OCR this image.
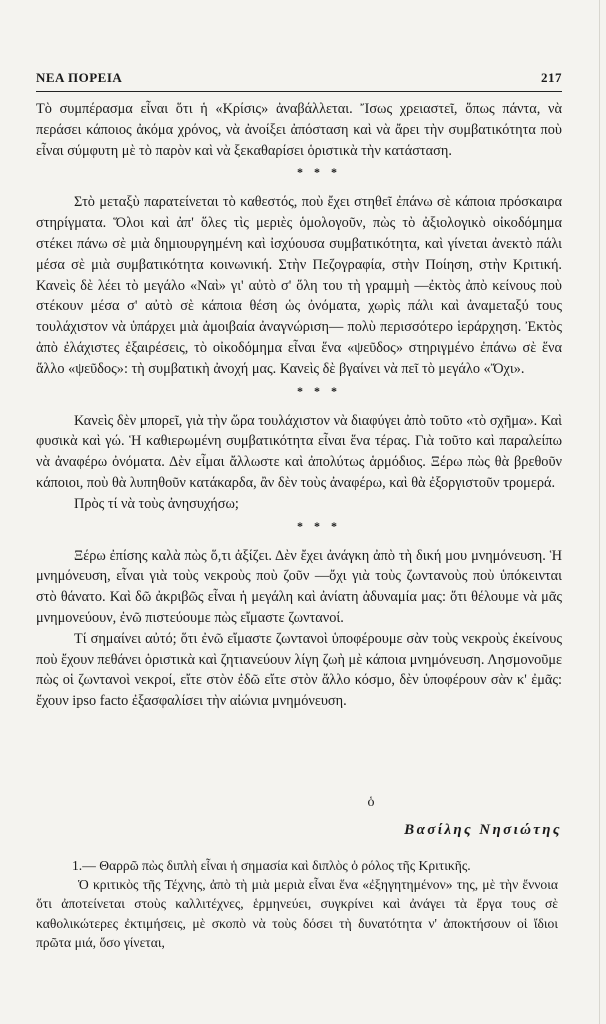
ΝΕΑ ΠΟΡΕΙΑ	217

Τὸ συμπέρασμα εἶναι ὅτι ἡ «Κρίσις» ἀναβάλλεται. Ἴσως χρειαστεῖ, ὅπως πάντα, νὰ περάσει κάποιος ἀκόμα χρόνος, νὰ ἀνοίξει ἀπόσταση καὶ νὰ ἄρει τὴν συμβατικότητα ποὺ εἶναι σύμφυτη μὲ τὸ παρὸν καὶ νὰ ξεκαθαρίσει ὁριστικὰ τὴν κατάσταση.

* * *

Στὸ μεταξὺ παρατείνεται τὸ καθεστός, ποὺ ἔχει στηθεῖ ἐπάνω σὲ κάποια πρόσκαιρα στηρίγματα. Ὅλοι καὶ ἀπ' ὅλες τὶς μεριὲς ὁμολογοῦν, πὼς τὸ ἀξιολογικὸ οἰκοδόμημα στέκει πάνω σὲ μιὰ δημιουργημένη καὶ ἰσχύουσα συμβατικότητα, καὶ γίνεται ἀνεκτὸ πάλι μέσα σὲ μιὰ συμβατικότητα κοινωνική. Στὴν Πεζογραφία, στὴν Ποίηση, στὴν Κριτική. Κανεὶς δὲ λέει τὸ μεγάλο «Ναὶ» γι' αὐτὸ σ' ὅλη του τὴ γραμμὴ —ἐκτὸς ἀπὸ κείνους ποὺ στέκουν μέσα σ' αὐτὸ σὲ κάποια θέση ὡς ὀνόματα, χωρὶς πάλι καὶ ἀναμεταξύ τους τουλάχιστον νὰ ὑπάρχει μιὰ ἀμοιβαία ἀναγνώριση— πολὺ περισσότερο ἱεράρχηση. Ἐκτὸς ἀπὸ ἐλάχιστες ἐξαιρέσεις, τὸ οἰκοδόμημα εἶναι ἕνα «ψεῦδος» στηριγμένο ἐπάνω σὲ ἕνα ἄλλο «ψεῦδος»: τὴ συμβατικὴ ἀνοχή μας. Κανεὶς δὲ βγαίνει νὰ πεῖ τὸ μεγάλο «Ὄχι».

* * *

Κανεὶς δὲν μπορεῖ, γιὰ τὴν ὥρα τουλάχιστον νὰ διαφύγει ἀπὸ τοῦτο «τὸ σχῆμα». Καὶ φυσικὰ καὶ γώ. Ἡ καθιερωμένη συμβατικότητα εἶναι ἕνα τέρας. Γιὰ τοῦτο καὶ παραλείπω νὰ ἀναφέρω ὀνόματα. Δὲν εἶμαι ἄλλωστε καὶ ἀπολύτως ἁρμόδιος. Ξέρω πὼς θὰ βρεθοῦν κάποιοι, ποὺ θὰ λυπηθοῦν κατάκαρδα, ἂν δὲν τοὺς ἀναφέρω, καὶ θὰ ἐξοργιστοῦν τρομερά.

Πρὸς τί νὰ τοὺς ἀνησυχήσω;

* * *

Ξέρω ἐπίσης καλὰ πὼς ὅ,τι ἀξίζει. Δὲν ἔχει ἀνάγκη ἀπὸ τὴ δική μου μνημόνευση. Ἡ μνημόνευση, εἶναι γιὰ τοὺς νεκροὺς ποὺ ζοῦν —ὄχι γιὰ τοὺς ζωντανοὺς ποὺ ὑπόκεινται στὸ θάνατο. Καὶ δῶ ἀκριβῶς εἶναι ἡ μεγάλη καὶ ἀνίατη ἀδυναμία μας: ὅτι θέλουμε νὰ μᾶς μνημονεύουν, ἐνῶ πιστεύουμε πὼς εἴμαστε ζωντανοί.

Τί σημαίνει αὐτό; ὅτι ἐνῶ εἴμαστε ζωντανοὶ ὑποφέρουμε σὰν τοὺς νεκροὺς ἐκείνους ποὺ ἔχουν πεθάνει ὁριστικὰ καὶ ζητιανεύουν λίγη ζωὴ μὲ κάποια μνημόνευση. Λησμονοῦμε πὼς οἱ ζωντανοὶ νεκροί, εἴτε στὸν ἐδῶ εἴτε στὸν ἄλλο κόσμο, δὲν ὑποφέρουν σὰν κ' ἐμᾶς: ἔχουν ipso facto ἐξασφαλίσει τὴν αἰώνια μνημόνευση.

ὁ
Βασίλης Νησιώτης

1.— Θαρρῶ πὼς διπλὴ εἶναι ἡ σημασία καὶ διπλὸς ὁ ρόλος τῆς Κριτικῆς.

Ὁ κριτικὸς τῆς Τέχνης, ἀπὸ τὴ μιὰ μεριὰ εἶναι ἕνα «ἐξηγητημένον» της, μὲ τὴν ἔννοια ὅτι ἀποτείνεται στοὺς καλλιτέχνες, ἑρμηνεύει, συγκρίνει καὶ ἀνάγει τὰ ἔργα τους σὲ καθολικώτερες ἐκτιμήσεις, μὲ σκοπὸ νὰ τοὺς δόσει τὴ δυνατότητα ν' ἀποκτήσουν οἱ ἴδιοι πρῶτα μιά, ὅσο γίνεται,
